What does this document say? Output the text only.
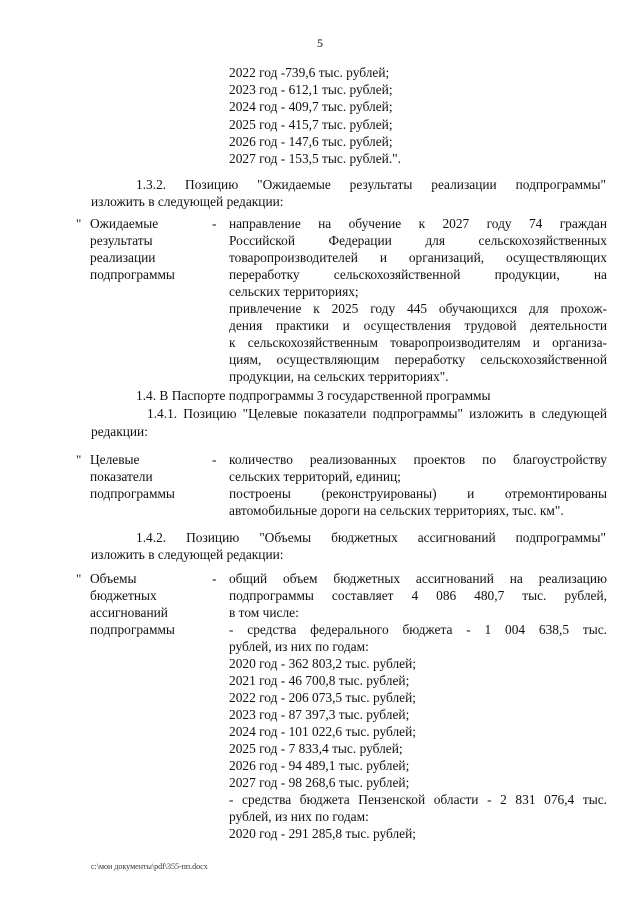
5
2022 год -739,6 тыс. рублей;
2023 год - 612,1 тыс. рублей;
2024 год - 409,7 тыс. рублей;
2025 год - 415,7 тыс. рублей;
2026 год - 147,6 тыс. рублей;
2027 год - 153,5 тыс. рублей.".
1.3.2. Позицию "Ожидаемые результаты реализации подпрограммы"
изложить в следующей редакции:
" Ожидаемые
результаты
реализации
подпрограммы
- направление на обучение к 2027 году 74 граждан
Российской Федерации для сельскохозяйственных
товаропроизводителей и организаций, осуществляющих
переработку сельскохозяйственной продукции, на
сельских территориях;
привлечение к 2025 году 445 обучающихся для прохож-
дения практики и осуществления трудовой деятельности
к сельскохозяйственным товаропроизводителям и организа-
циям, осуществляющим переработку сельскохозяйственной
продукции, на сельских территориях".
1.4. В Паспорте подпрограммы 3 государственной программы
1.4.1. Позицию "Целевые показатели подпрограммы" изложить в следующей
редакции:
" Целевые
показатели
подпрограммы
- количество реализованных проектов по благоустройству
сельских территорий, единиц;
построены (реконструированы) и отремонтированы
автомобильные дороги на сельских территориях, тыс. км".
1.4.2. Позицию "Объемы бюджетных ассигнований подпрограммы"
изложить в следующей редакции:
" Объемы
бюджетных
ассигнований
подпрограммы
- общий объем бюджетных ассигнований на реализацию
подпрограммы составляет 4 086 480,7 тыс. рублей,
в том числе:
- средства федерального бюджета - 1 004 638,5 тыс.
рублей, из них по годам:
2020 год - 362 803,2 тыс. рублей;
2021 год - 46 700,8 тыс. рублей;
2022 год - 206 073,5 тыс. рублей;
2023 год - 87 397,3 тыс. рублей;
2024 год - 101 022,6 тыс. рублей;
2025 год - 7 833,4 тыс. рублей;
2026 год - 94 489,1 тыс. рублей;
2027 год - 98 268,6 тыс. рублей;
- средства бюджета Пензенской области - 2 831 076,4 тыс.
рублей, из них по годам:
2020 год - 291 285,8 тыс. рублей;
c:\мои документы\pdf\355-пп.docx
